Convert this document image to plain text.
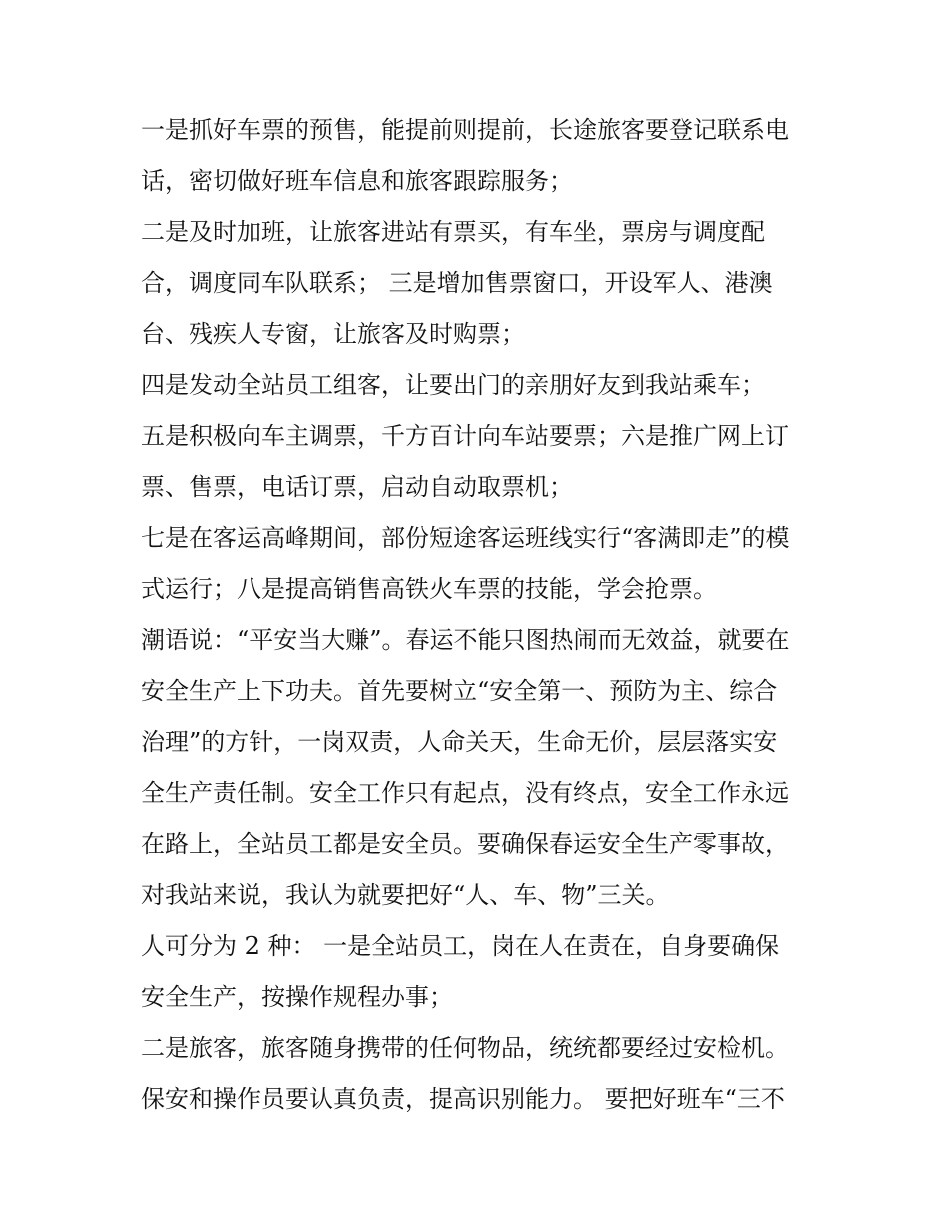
一是抓好车票的预售，能提前则提前，长途旅客要登记联系电
话，密切做好班车信息和旅客跟踪服务；
二是及时加班，让旅客进站有票买，有车坐，票房与调度配
合，调度同车队联系； 三是增加售票窗口，开设军人、港澳
台、残疾人专窗，让旅客及时购票；
四是发动全站员工组客，让要出门的亲朋好友到我站乘车；
五是积极向车主调票，千方百计向车站要票；六是推广网上订
票、售票，电话订票，启动自动取票机；
七是在客运高峰期间，部份短途客运班线实行“客满即走”的模
式运行；八是提高销售高铁火车票的技能，学会抢票。
潮语说：“平安当大赚”。春运不能只图热闹而无效益，就要在
安全生产上下功夫。首先要树立“安全第一、预防为主、综合
治理”的方针，一岗双责，人命关天，生命无价，层层落实安
全生产责任制。安全工作只有起点，没有终点，安全工作永远
在路上，全站员工都是安全员。要确保春运安全生产零事故，
对我站来说，我认为就要把好“人、车、物”三关。
人可分为 2 种： 一是全站员工，岗在人在责在，自身要确保
安全生产，按操作规程办事；
二是旅客，旅客随身携带的任何物品，统统都要经过安检机。
保安和操作员要认真负责，提高识别能力。 要把好班车“三不
